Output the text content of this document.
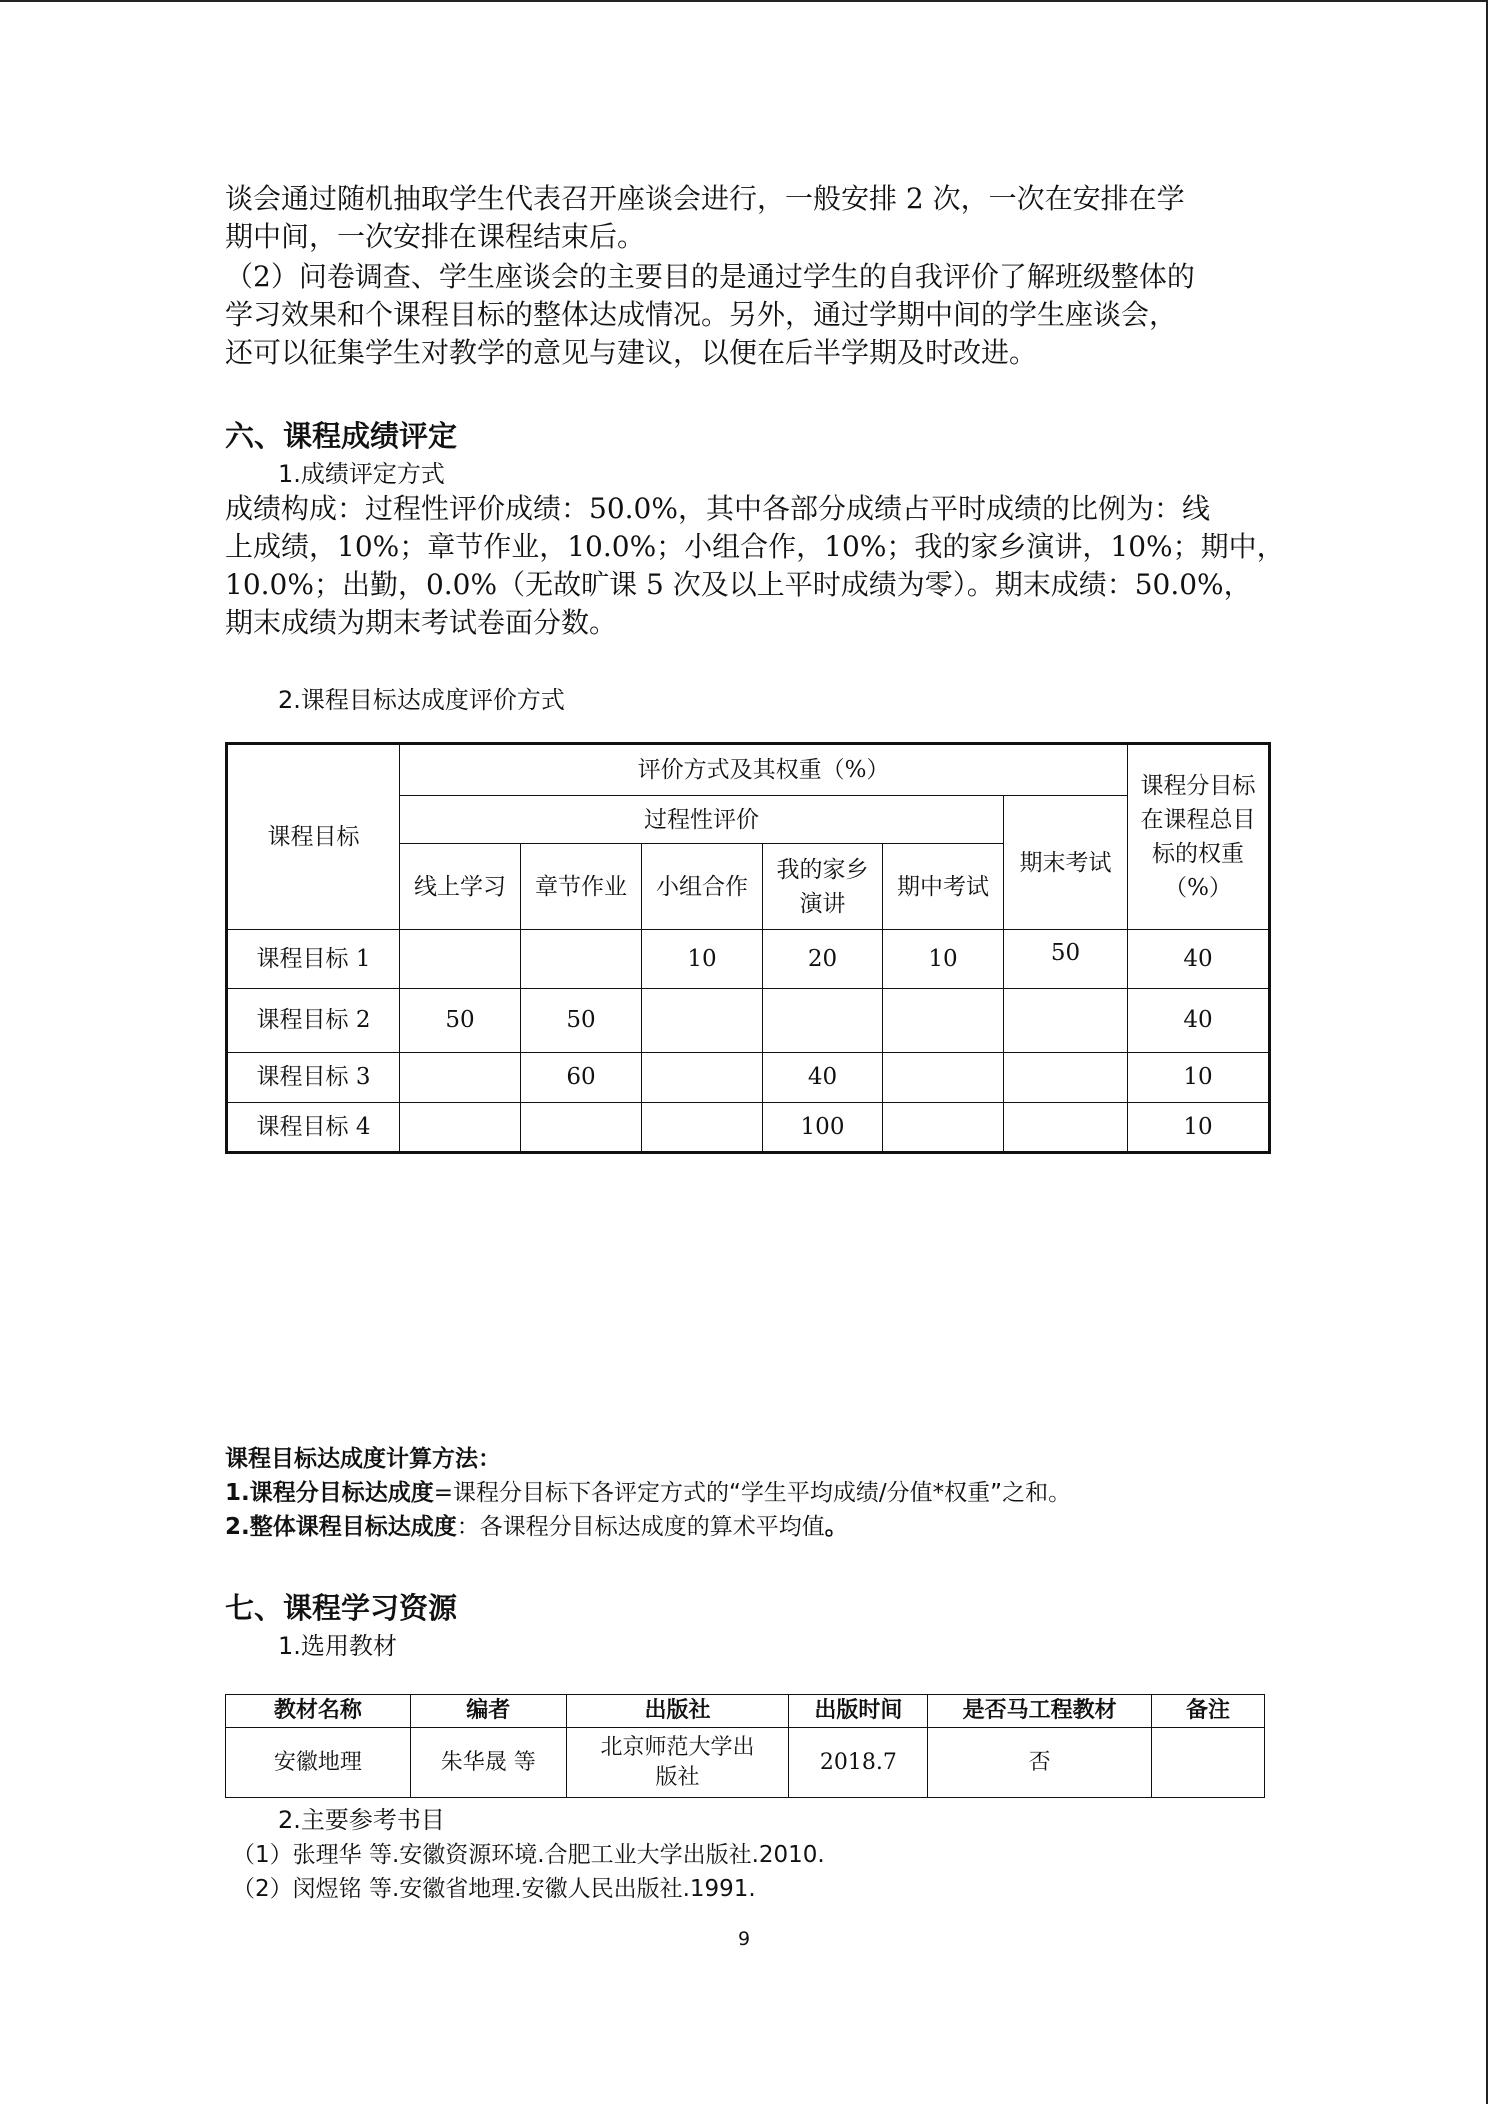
谈会通过随机抽取学生代表召开座谈会进行，一般安排 2 次，一次在安排在学
期中间，一次安排在课程结束后。
（2）问卷调查、学生座谈会的主要目的是通过学生的自我评价了解班级整体的
学习效果和个课程目标的整体达成情况。另外，通过学期中间的学生座谈会，
还可以征集学生对教学的意见与建议，以便在后半学期及时改进。
六、课程成绩评定
1.成绩评定方式
成绩构成：过程性评价成绩：50.0%，其中各部分成绩占平时成绩的比例为：线
上成绩，10%；章节作业，10.0%；小组合作，10%；我的家乡演讲，10%；期中，
10.0%；出勤，0.0%（无故旷课 5 次及以上平时成绩为零）。期末成绩：50.0%，
期末成绩为期末考试卷面分数。
2.课程目标达成度评价方式
课程目标	评价方式及其权重（%）						课程分目标
在课程总目
标的权重
（%）

	过程性评价					期末考试	
	线上学习	章节作业	小组合作	我的家乡
演讲	期中考试		
课程目标 1			10	20	10	50	40
课程目标 2	50	50					40
课程目标 3		60		40			10
课程目标 4				100			10
课程目标达成度计算方法：
1.课程分目标达成度=课程分目标下各评定方式的“学生平均成绩/分值*权重”之和。
2.整体课程目标达成度：各课程分目标达成度的算术平均值。
七、课程学习资源
1.选用教材
教材名称	编者	出版社	出版时间	是否马工程教材	备注
安徽地理	朱华晟 等	北京师范大学出
版社	2018.7	否	
2.主要参考书目
（1）张理华 等.安徽资源环境.合肥工业大学出版社.2010.
（2）闵煜铭 等.安徽省地理.安徽人民出版社.1991.
9
